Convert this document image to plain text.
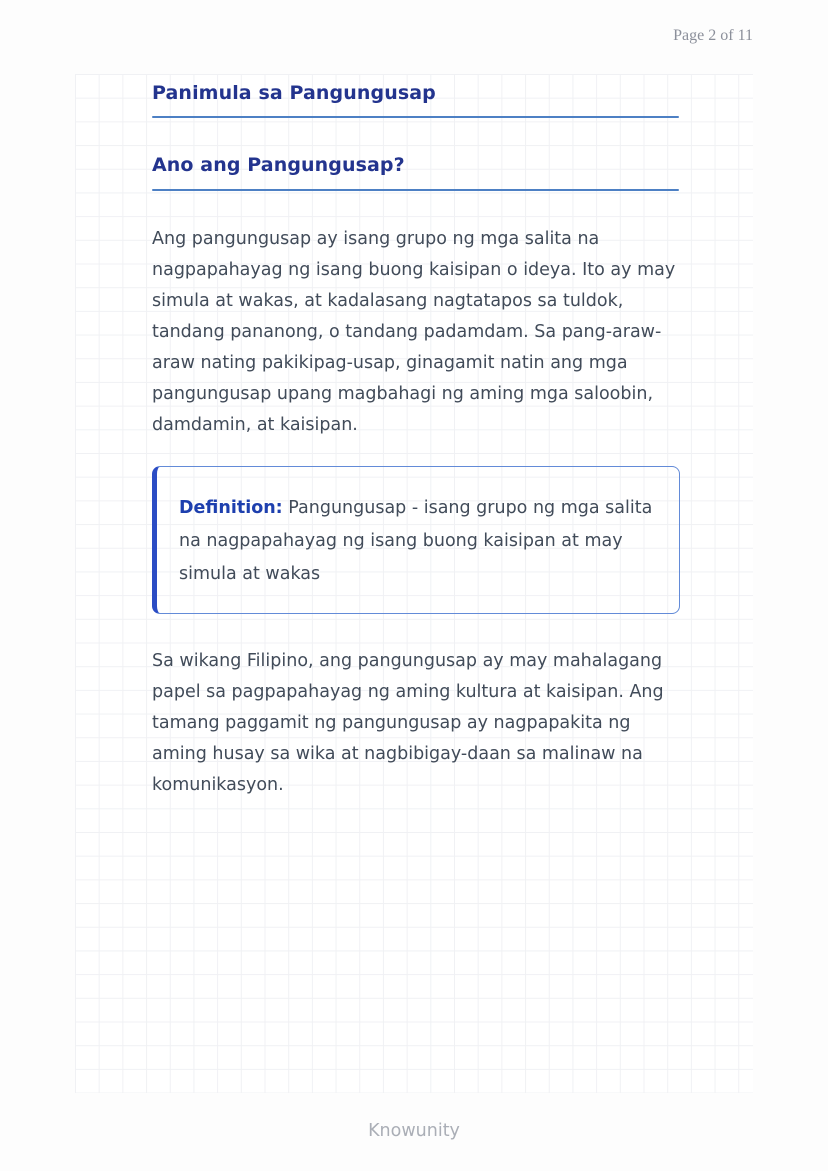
Page 2 of 11
Panimula sa Pangungusap
Ano ang Pangungusap?

Ang pangungusap ay isang grupo ng mga salita na nagpapahayag ng isang buong kaisipan o ideya. Ito ay may simula at wakas, at kadalasang nagtatapos sa tuldok, tandang pananong, o tandang padamdam. Sa pang-araw-araw nating pakikipag-usap, ginagamit natin ang mga pangungusap upang magbahagi ng aming mga saloobin, damdamin, at kaisipan.

Definition: Pangungusap - isang grupo ng mga salita na nagpapahayag ng isang buong kaisipan at may simula at wakas

Sa wikang Filipino, ang pangungusap ay may mahalagang papel sa pagpapahayag ng aming kultura at kaisipan. Ang tamang paggamit ng pangungusap ay nagpapakita ng aming husay sa wika at nagbibigay-daan sa malinaw na komunikasyon.

Knowunity
